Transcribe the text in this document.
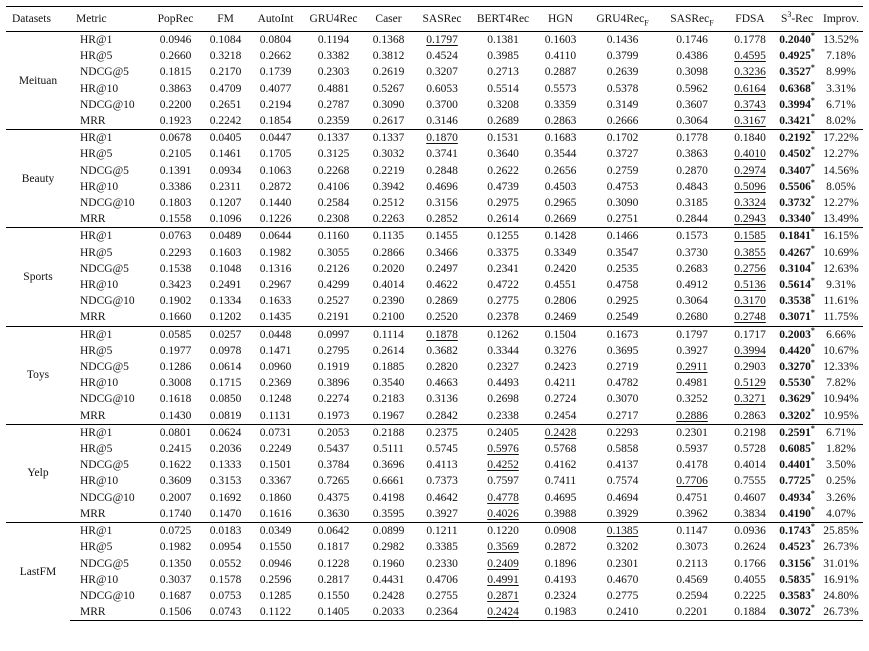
Datasets	Metric	PopRec	FM	AutoInt	GRU4Rec	Caser	SASRec	BERT4Rec	HGN	GRU4Rec$_F$	SASRec$_F$	FDSA	$S^3$-Rec	Improv.
Meituan	HR@1	0.0946	0.1084	0.0804	0.1194	0.1368	0.1797	0.1381	0.1603	0.1436	0.1746	0.1778	0.2040*	13.52%
	HR@5	0.2660	0.3218	0.2662	0.3382	0.3812	0.4524	0.3985	0.4110	0.3799	0.4386	0.4595	0.4925*	7.18%
	NDCG@5	0.1815	0.2170	0.1739	0.2303	0.2619	0.3207	0.2713	0.2887	0.2639	0.3098	0.3236	0.3527*	8.99%
	HR@10	0.3863	0.4709	0.4077	0.4881	0.5267	0.6053	0.5514	0.5573	0.5378	0.5962	0.6164	0.6368*	3.31%
	NDCG@10	0.2200	0.2651	0.2194	0.2787	0.3090	0.3700	0.3208	0.3359	0.3149	0.3607	0.3743	0.3994*	6.71%
	MRR	0.1923	0.2242	0.1854	0.2359	0.2617	0.3146	0.2689	0.2863	0.2666	0.3064	0.3167	0.3421*	8.02%
Beauty	HR@1	0.0678	0.0405	0.0447	0.1337	0.1337	0.1870	0.1531	0.1683	0.1702	0.1778	0.1840	0.2192*	17.22%
	HR@5	0.2105	0.1461	0.1705	0.3125	0.3032	0.3741	0.3640	0.3544	0.3727	0.3863	0.4010	0.4502*	12.27%
	NDCG@5	0.1391	0.0934	0.1063	0.2268	0.2219	0.2848	0.2622	0.2656	0.2759	0.2870	0.2974	0.3407*	14.56%
	HR@10	0.3386	0.2311	0.2872	0.4106	0.3942	0.4696	0.4739	0.4503	0.4753	0.4843	0.5096	0.5506*	8.05%
	NDCG@10	0.1803	0.1207	0.1440	0.2584	0.2512	0.3156	0.2975	0.2965	0.3090	0.3185	0.3324	0.3732*	12.27%
	MRR	0.1558	0.1096	0.1226	0.2308	0.2263	0.2852	0.2614	0.2669	0.2751	0.2844	0.2943	0.3340*	13.49%
Sports	HR@1	0.0763	0.0489	0.0644	0.1160	0.1135	0.1455	0.1255	0.1428	0.1466	0.1573	0.1585	0.1841*	16.15%
	HR@5	0.2293	0.1603	0.1982	0.3055	0.2866	0.3466	0.3375	0.3349	0.3547	0.3730	0.3855	0.4267*	10.69%
	NDCG@5	0.1538	0.1048	0.1316	0.2126	0.2020	0.2497	0.2341	0.2420	0.2535	0.2683	0.2756	0.3104*	12.63%
	HR@10	0.3423	0.2491	0.2967	0.4299	0.4014	0.4622	0.4722	0.4551	0.4758	0.4912	0.5136	0.5614*	9.31%
	NDCG@10	0.1902	0.1334	0.1633	0.2527	0.2390	0.2869	0.2775	0.2806	0.2925	0.3064	0.3170	0.3538*	11.61%
	MRR	0.1660	0.1202	0.1435	0.2191	0.2100	0.2520	0.2378	0.2469	0.2549	0.2680	0.2748	0.3071*	11.75%
Toys	HR@1	0.0585	0.0257	0.0448	0.0997	0.1114	0.1878	0.1262	0.1504	0.1673	0.1797	0.1717	0.2003*	6.66%
	HR@5	0.1977	0.0978	0.1471	0.2795	0.2614	0.3682	0.3344	0.3276	0.3695	0.3927	0.3994	0.4420*	10.67%
	NDCG@5	0.1286	0.0614	0.0960	0.1919	0.1885	0.2820	0.2327	0.2423	0.2719	0.2911	0.2903	0.3270*	12.33%
	HR@10	0.3008	0.1715	0.2369	0.3896	0.3540	0.4663	0.4493	0.4211	0.4782	0.4981	0.5129	0.5530*	7.82%
	NDCG@10	0.1618	0.0850	0.1248	0.2274	0.2183	0.3136	0.2698	0.2724	0.3070	0.3252	0.3271	0.3629*	10.94%
	MRR	0.1430	0.0819	0.1131	0.1973	0.1967	0.2842	0.2338	0.2454	0.2717	0.2886	0.2863	0.3202*	10.95%
Yelp	HR@1	0.0801	0.0624	0.0731	0.2053	0.2188	0.2375	0.2405	0.2428	0.2293	0.2301	0.2198	0.2591*	6.71%
	HR@5	0.2415	0.2036	0.2249	0.5437	0.5111	0.5745	0.5976	0.5768	0.5858	0.5937	0.5728	0.6085*	1.82%
	NDCG@5	0.1622	0.1333	0.1501	0.3784	0.3696	0.4113	0.4252	0.4162	0.4137	0.4178	0.4014	0.4401*	3.50%
	HR@10	0.3609	0.3153	0.3367	0.7265	0.6661	0.7373	0.7597	0.7411	0.7574	0.7706	0.7555	0.7725*	0.25%
	NDCG@10	0.2007	0.1692	0.1860	0.4375	0.4198	0.4642	0.4778	0.4695	0.4694	0.4751	0.4607	0.4934*	3.26%
	MRR	0.1740	0.1470	0.1616	0.3630	0.3595	0.3927	0.4026	0.3988	0.3929	0.3962	0.3834	0.4190*	4.07%
LastFM	HR@1	0.0725	0.0183	0.0349	0.0642	0.0899	0.1211	0.1220	0.0908	0.1385	0.1147	0.0936	0.1743*	25.85%
	HR@5	0.1982	0.0954	0.1550	0.1817	0.2982	0.3385	0.3569	0.2872	0.3202	0.3073	0.2624	0.4523*	26.73%
	NDCG@5	0.1350	0.0552	0.0946	0.1228	0.1960	0.2330	0.2409	0.1896	0.2301	0.2113	0.1766	0.3156*	31.01%
	HR@10	0.3037	0.1578	0.2596	0.2817	0.4431	0.4706	0.4991	0.4193	0.4670	0.4569	0.4055	0.5835*	16.91%
	NDCG@10	0.1687	0.0753	0.1285	0.1550	0.2428	0.2755	0.2871	0.2324	0.2775	0.2594	0.2225	0.3583*	24.80%
	MRR	0.1506	0.0743	0.1122	0.1405	0.2033	0.2364	0.2424	0.1983	0.2410	0.2201	0.1884	0.3072*	26.73%
